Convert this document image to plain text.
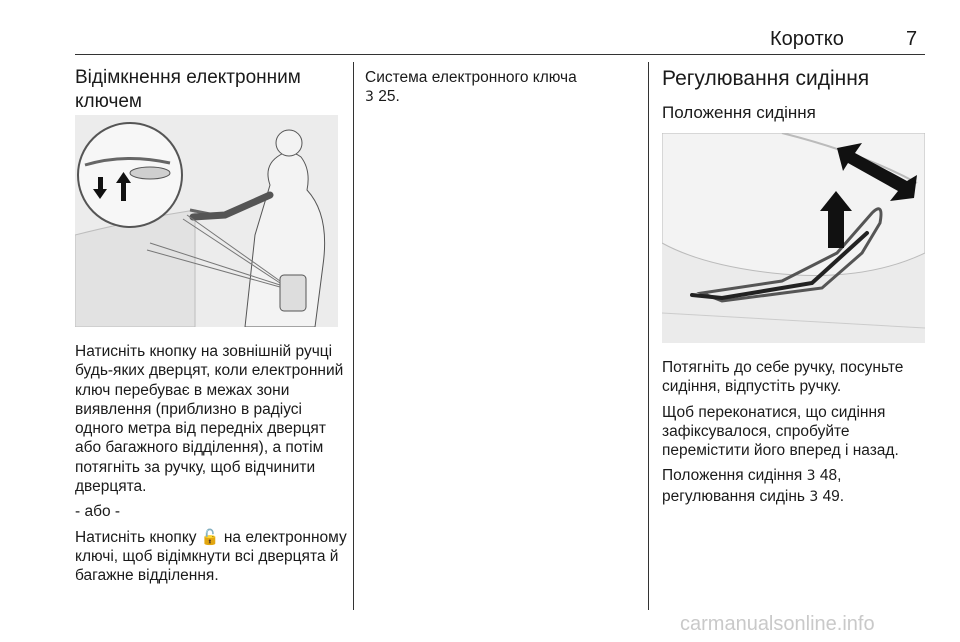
Коротко	7
Відімкнення електронним ключем

Натисніть кнопку на зовнішній ручці будь-яких дверцят, коли електронний ключ перебуває в межах зони виявлення (приблизно в радіусі одного метра від передніх дверцят або багажного відділення), а потім потягніть за ручку, щоб відчинити дверцята.

- або -

Натисніть кнопку 🔓 на електронному ключі, щоб відімкнути всі дверцята й багажне відділення.

Система електронного ключа
3 25.

Регулювання сидіння
Положення сидіння

Потягніть до себе ручку, посуньте сидіння, відпустіть ручку.

Щоб переконатися, що сидіння зафіксувалося, спробуйте перемістити його вперед і назад.

Положення сидіння 3 48,
регулювання сидінь 3 49.

carmanualsonline.info
